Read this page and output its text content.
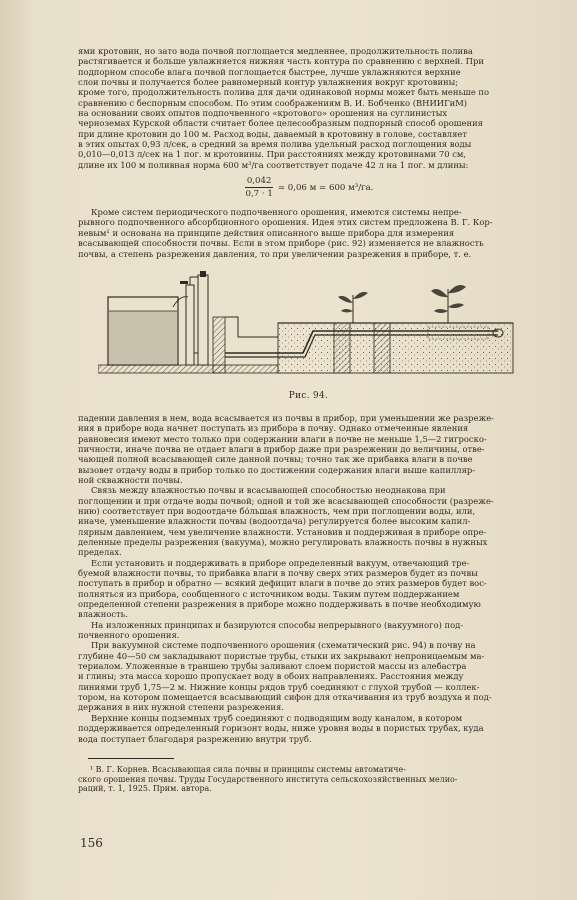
ями кротовин, но зато вода почвой поглощается медленнее, продолжительность полива
растягивается и больше увлажняется нижняя часть контура по сравнению с верхней. При
подпорном способе влага почвой поглощается быстрее, лучше увлажняются верхние
слои почвы и получается более равномерный контур увлажнения вокруг кротовины;
кроме того, продолжительность полива для дачи одинаковой нормы может быть меньше по
сравнению с беспорным способом. По этим соображениям В. И. Бобченко (ВНИИГиМ)
на основании своих опытов подпочвенного «кротового» орошения на суглинистых
черноземах Курской области считает более целесообразным подпорный способ орошения
при длине кротовин до 100 м. Расход воды, даваемый в кротовину в голове, составляет
в этих опытах 0,93 л/сек, а средний за время полива удельный расход поглощения воды
0,010—0,013 л/сек на 1 пог. м кротовины. При расстояниях между кротовинами 70 см,
длине их 100 м поливная норма 600 м³/га соответствует подаче 42 л на 1 пог. м длины:
$\frac{0,042}{0,7 \cdot 1} = 0,06$ м = 600 м³/га.
Кроме систем периодического подпочвенного орошения, имеются системы непре-
рывного подпочвенного абсорбционного орошения. Идея этих систем предложена В. Г. Кор-
невым¹ и основана на принципе действия описанного выше прибора для измерения
всасывающей способности почвы. Если в этом приборе (рис. 92) изменяется не влажность
почвы, а степень разрежения давления, то при увеличении разрежения в приборе, т. е.
Рис. 94.
падении давления в нем, вода всасывается из почвы в прибор, при уменьшении же разреже-
ния в приборе вода начнет поступать из прибора в почву. Однако отмеченные явления
равновесия имеют место только при содержании влаги в почве не меньше 1,5—2 гигроско-
пичности, иначе почва не отдает влаги в прибор даже при разрежении до величины, отве-
чающей полной всасывающей силе данной почвы; точно так же прибавка влаги в почве
вызовет отдачу воды в прибор только по достижении содержания влаги выше капилляр-
ной скважности почвы.
Связь между влажностью почвы и всасывающей способностью неоднакова при
поглощении и при отдаче воды почвой; одной и той же всасывающей способности (разреже-
нию) соответствует при водоотдаче бо́льшая влажность, чем при поглощении воды, или,
иначе, уменьшение влажности почвы (водоотдача) регулируется более высоким капил-
лярным давлением, чем увеличение влажности. Установив и поддерживая в приборе опре-
деленные пределы разрежения (вакуума), можно регулировать влажность почвы в нужных
пределах.
Если установить и поддерживать в приборе определенный вакуум, отвечающий тре-
буемой влажности почвы, то прибавка влаги в почву сверх этих размеров будет из почвы
поступать в прибор и обратно — всякий дефицит влаги в почве до этих размеров будет вос-
полняться из прибора, сообщенного с источником воды. Таким путем поддержанием
определенной степени разрежения в приборе можно поддерживать в почве необходимую
влажность.
На изложенных принципах и базируются способы непрерывного (вакуумного) под-
почвенного орошения.
При вакуумной системе подпочвенного орошения (схематический рис. 94) в почву на
глубине 40—50 см закладывают пористые трубы, стыки их закрывают непроницаемым ма-
териалом. Уложенные в траншею трубы заливают слоем пористой массы из алебастра
и глины; эта масса хорошо пропускает воду в обоих направлениях. Расстояния между
линиями труб 1,75—2 м. Нижние концы рядов труб соединяют с глухой трубой — коллек-
тором, на котором помещается всасывающий сифон для откачивания из труб воздуха и под-
держания в них нужной степени разрежения.
Верхние концы подземных труб соединяют с подводящим воду каналом, в котором
поддерживается определенный горизонт воды, ниже уровня воды в пористых трубах, куда
вода поступает благодаря разрежению внутри труб.
¹ В. Г. Корнев. Всасывающая сила почвы и принципы системы автоматиче-
ского орошения почвы. Труды Государственного института сельскохозяйственных мелио-
раций, т. 1, 1925. Прим. автора.
156
